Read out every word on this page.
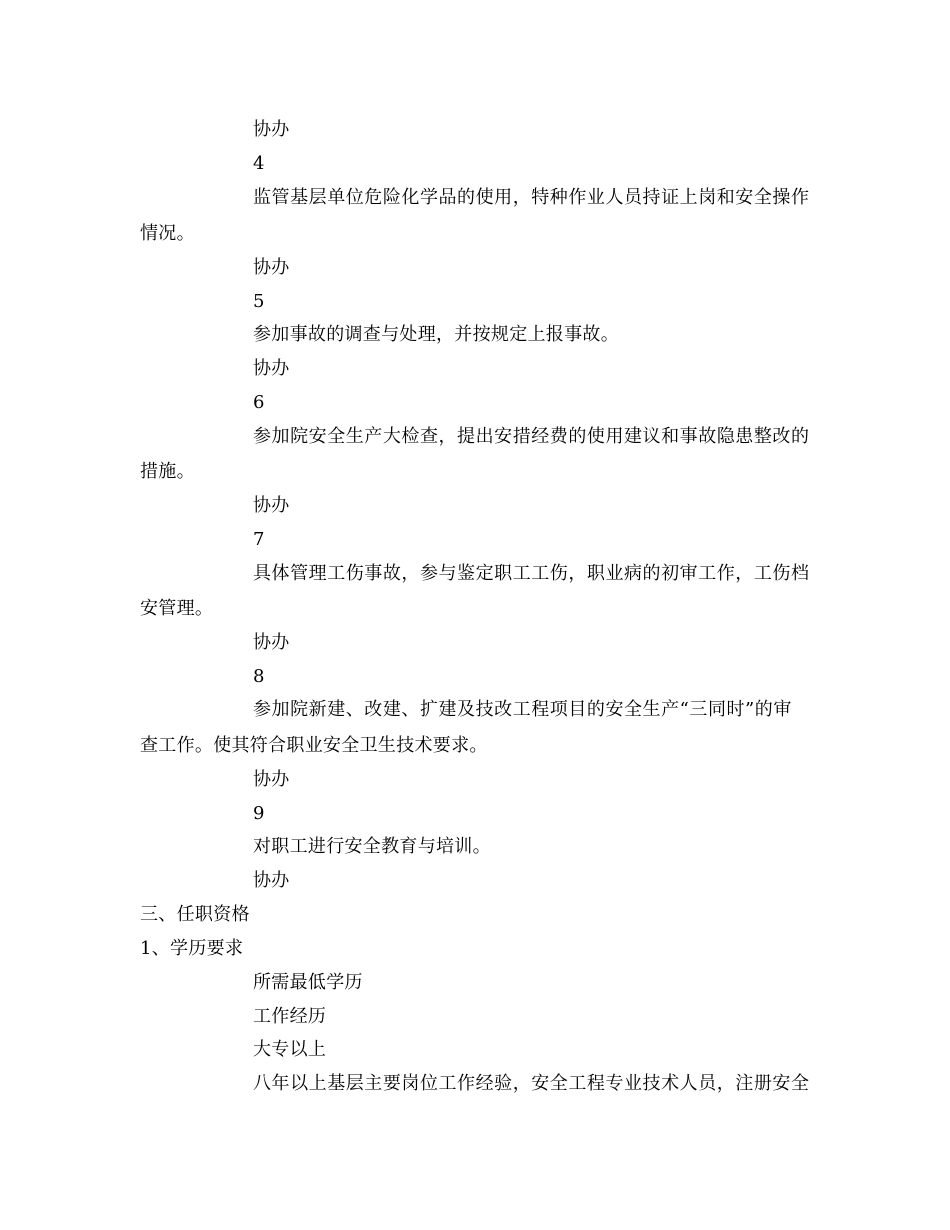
协办
4
监管基层单位危险化学品的使用，特种作业人员持证上岗和安全操作
情况。
协办
5
参加事故的调查与处理，并按规定上报事故。
协办
6
参加院安全生产大检查，提出安措经费的使用建议和事故隐患整改的
措施。
协办
7
具体管理工伤事故，参与鉴定职工工伤，职业病的初审工作，工伤档
安管理。
协办
8
参加院新建、改建、扩建及技改工程项目的安全生产“三同时”的审
查工作。使其符合职业安全卫生技术要求。
协办
9
对职工进行安全教育与培训。
协办
三、任职资格
1、学历要求
所需最低学历
工作经历
大专以上
八年以上基层主要岗位工作经验，安全工程专业技术人员，注册安全
